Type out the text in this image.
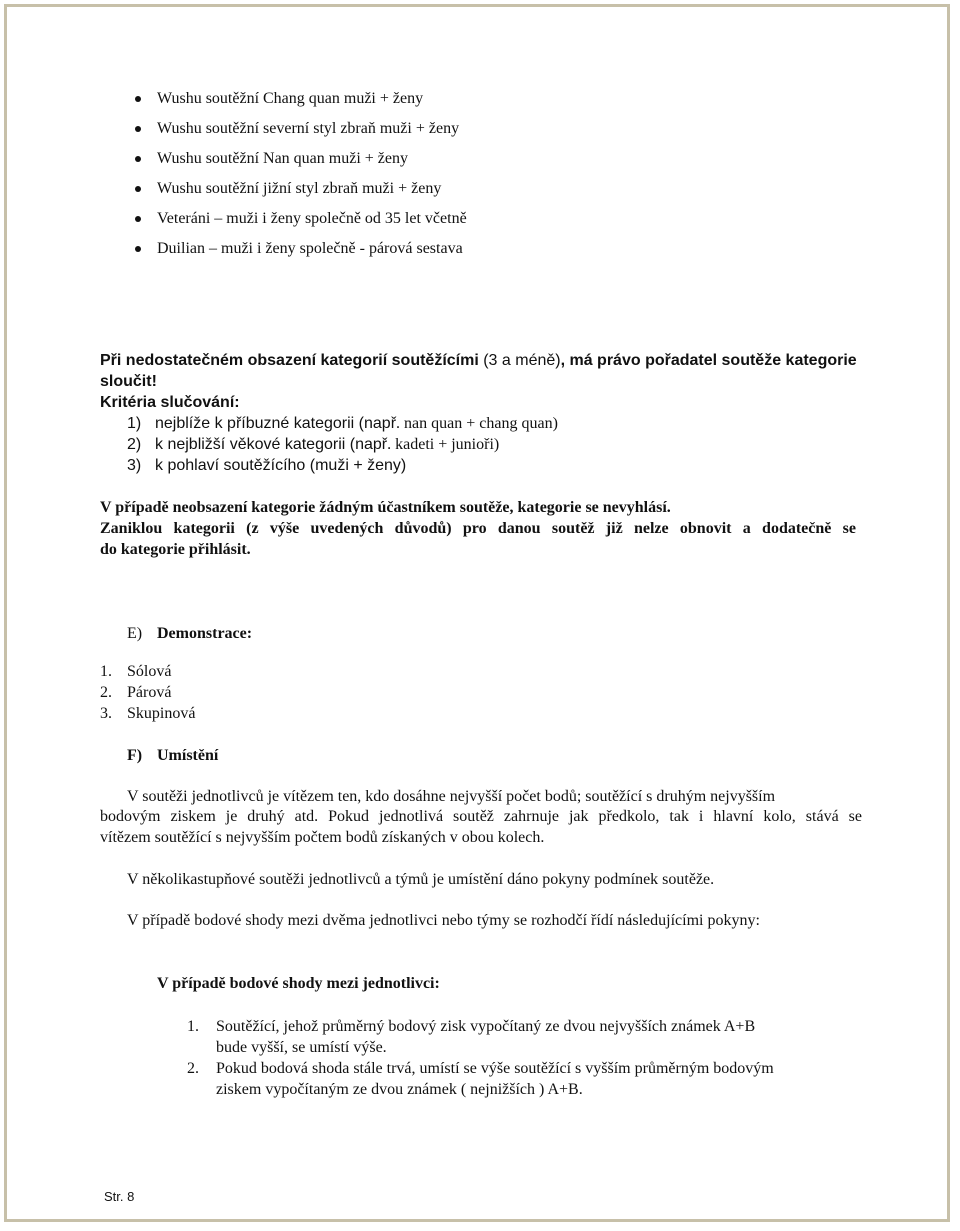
Wushu soutěžní Chang quan muži + ženy
Wushu soutěžní severní styl zbraň muži + ženy
Wushu soutěžní Nan quan muži + ženy
Wushu soutěžní jižní styl zbraň muži + ženy
Veteráni – muži i ženy společně od 35 let včetně
Duilian – muži i ženy společně - párová sestava
Při nedostatečném obsazení kategorií soutěžícími (3 a méně), má právo pořadatel soutěže kategorie
sloučit!
Kritéria slučování:
1) nejblíže k příbuzné kategorii (např. nan quan + chang quan)
2) k nejbližší věkové kategorii (např. kadeti + junioři)
3) k pohlaví soutěžícího (muži + ženy)
V případě neobsazení kategorie žádným účastníkem soutěže, kategorie se nevyhlásí.
Zaniklou kategorii (z výše uvedených důvodů) pro danou soutěž již nelze obnovit a dodatečně se
do kategorie přihlásit.
E) Demonstrace:
1. Sólová
2. Párová
3. Skupinová
F) Umístění
V soutěži jednotlivců je vítězem ten, kdo dosáhne nejvyšší počet bodů; soutěžící s druhým nejvyšším
bodovým ziskem je druhý atd. Pokud jednotlivá soutěž zahrnuje jak předkolo, tak i hlavní kolo, stává se
vítězem soutěžící s nejvyšším počtem bodů získaných v obou kolech.
V několikastupňové soutěži jednotlivců a týmů je umístění dáno pokyny podmínek soutěže.
V případě bodové shody mezi dvěma jednotlivci nebo týmy se rozhodčí řídí následujícími pokyny:
V případě bodové shody mezi jednotlivci:
1. Soutěžící, jehož průměrný bodový zisk vypočítaný ze dvou nejvyšších známek A+B
bude vyšší, se umístí výše.
2. Pokud bodová shoda stále trvá, umístí se výše soutěžící s vyšším průměrným bodovým
ziskem vypočítaným ze dvou známek ( nejnižších ) A+B.
Str. 8
